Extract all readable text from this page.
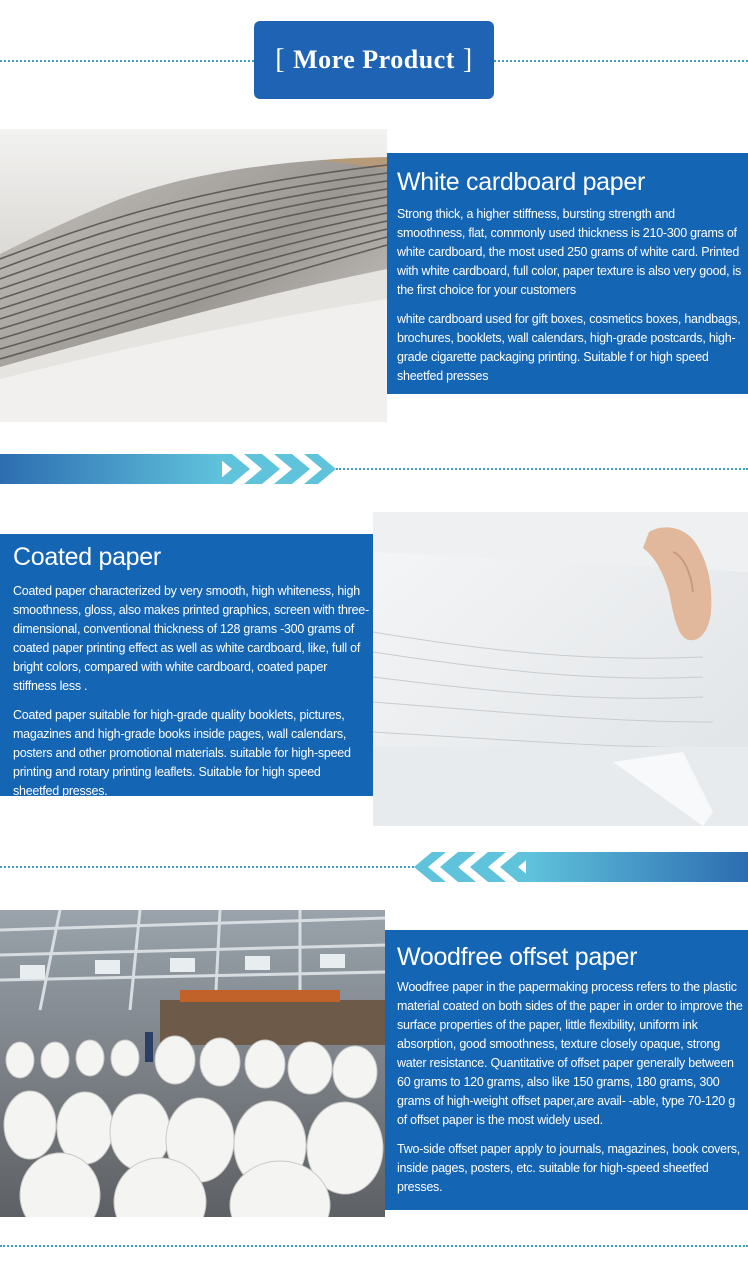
[ More Product ]
White cardboard paper

Strong thick, a higher stiffness, bursting strength and smoothness, flat, commonly used thickness is 210-300 grams of white cardboard, the most used 250 grams of white card. Printed with white cardboard, full color, paper texture is also very good, is the first choice for your customers

white cardboard used for gift boxes, cosmetics boxes, handbags, brochures, booklets, wall calendars, high-grade postcards, high-grade cigarette packaging printing. Suitable f or high speed sheetfed presses

Coated paper

Coated paper characterized by very smooth, high whiteness, high smoothness, gloss, also makes printed graphics, screen with three-dimensional, conventional thickness of 128 grams -300 grams of coated paper printing effect as well as white cardboard, like, full of bright colors, compared with white cardboard, coated paper stiffness less .

Coated paper suitable for high-grade quality booklets, pictures, magazines and high-grade books inside pages, wall calendars, posters and other promotional materials. suitable for high-speed printing and rotary printing leaflets. Suitable for high speed sheetfed presses.

Woodfree offset paper

Woodfree paper in the papermaking process refers to the plastic material coated on both sides of the paper in order to improve the surface properties of the paper, little flexibility, uniform ink absorption, good smoothness, texture closely opaque, strong water resistance. Quantitative of offset paper generally between 60 grams to 120 grams, also like 150 grams, 180 grams, 300 grams of high-weight offset paper,are avail- -able, type 70-120 g of offset paper is the most widely used.

Two-side offset paper apply to journals, magazines, book covers, inside pages, posters, etc. suitable for high-speed sheetfed presses.
